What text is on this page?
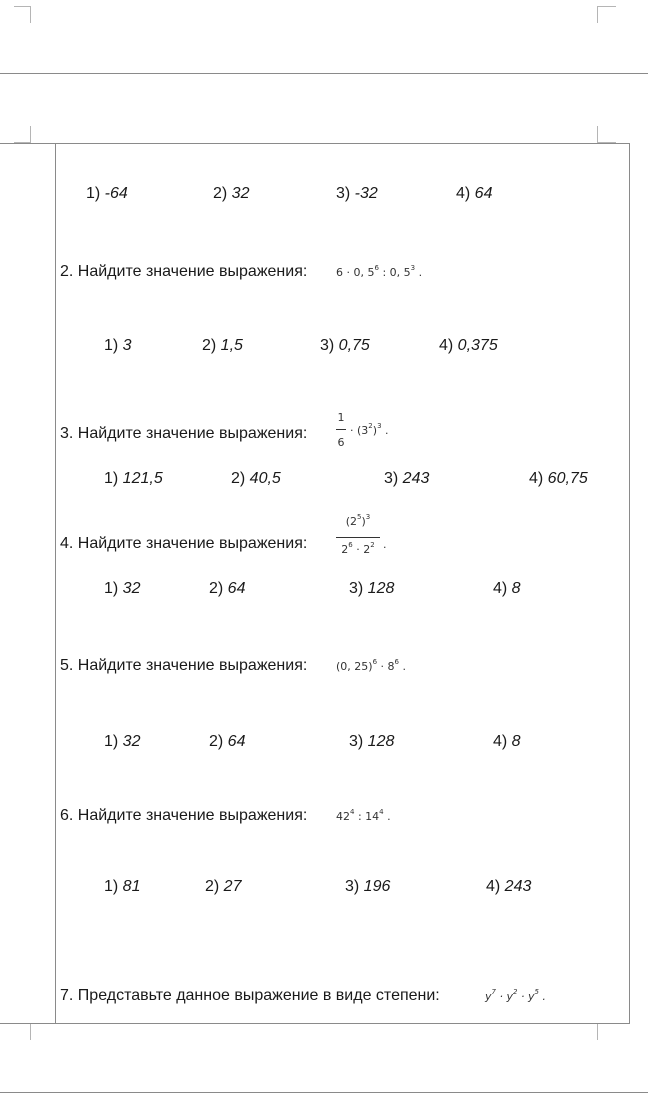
1) -64	2) 32	3) -32	4) 64
2. Найдите значение выражения:	6 · 0, $5^6$ : 0, $5^3$ .
1) 3	2) 1,5	3) 0,75	4) 0,375
3. Найдите значение выражения:
1
6
· $(3^2)^3$ .
1) 121,5	2) 40,5	3) 243	4) 60,75
4. Найдите значение выражения:
$(2^5)^3$
$2^6 \cdot 2^2$ .
1) 32	2) 64	3) 128	4) 8
5. Найдите значение выражения:	(0, $25)^6 \cdot 8^6$ .
1) 32	2) 64	3) 128	4) 8
6. Найдите значение выражения:	$42^4$ : $14^4$ .
1) 81	2) 27	3) 196	4) 243
7. Представьте данное выражение в виде степени:	$y^7 \cdot y^2 \cdot y^5$ .
